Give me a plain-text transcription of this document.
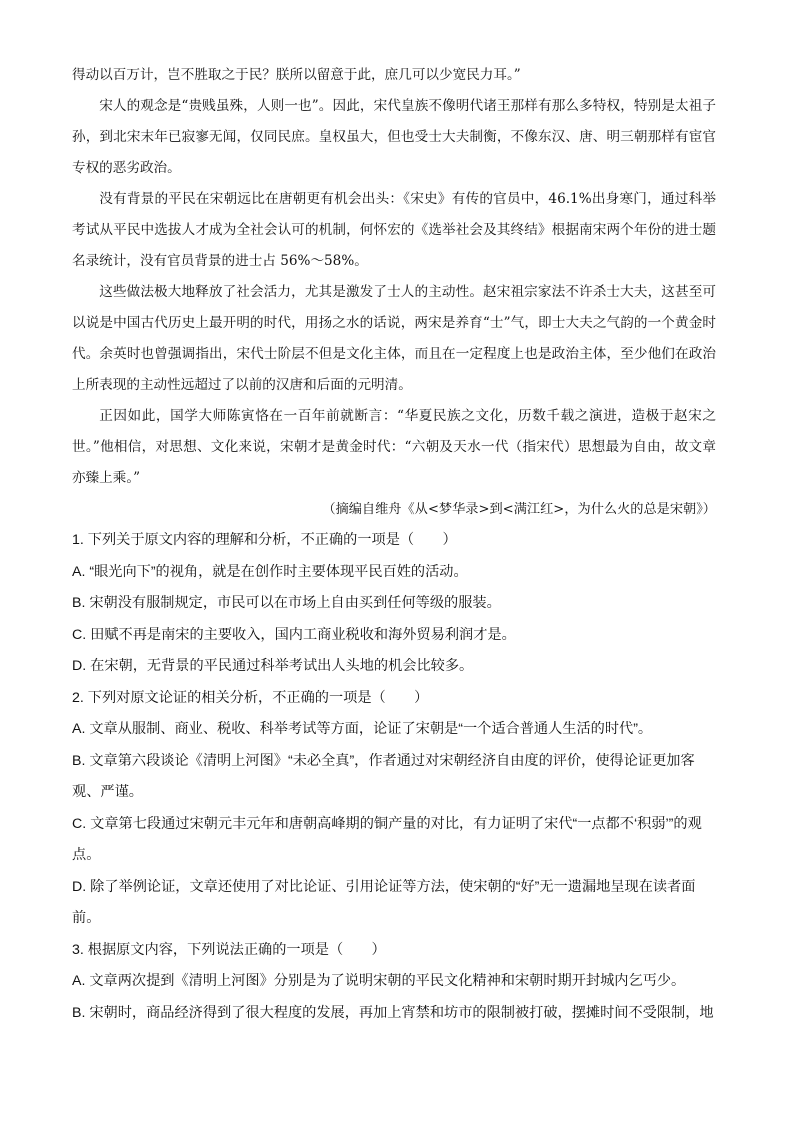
得动以百万计，岂不胜取之于民？朕所以留意于此，庶几可以少宽民力耳。”

宋人的观念是“贵贱虽殊，人则一也”。因此，宋代皇族不像明代诸王那样有那么多特权，特别是太祖子孙，到北宋末年已寂寥无闻，仅同民庶。皇权虽大，但也受士大夫制衡，不像东汉、唐、明三朝那样有宦官专权的恶劣政治。

没有背景的平民在宋朝远比在唐朝更有机会出头：《宋史》有传的官员中，46.1%出身寒门，通过科举考试从平民中选拔人才成为全社会认可的机制，何怀宏的《选举社会及其终结》根据南宋两个年份的进士题名录统计，没有官员背景的进士占 56%～58%。

这些做法极大地释放了社会活力，尤其是激发了士人的主动性。赵宋祖宗家法不许杀士大夫，这甚至可以说是中国古代历史上最开明的时代，用扬之水的话说，两宋是养育“士”气，即士大夫之气韵的一个黄金时代。余英时也曾强调指出，宋代士阶层不但是文化主体，而且在一定程度上也是政治主体，至少他们在政治上所表现的主动性远超过了以前的汉唐和后面的元明清。

正因如此，国学大师陈寅恪在一百年前就断言：“华夏民族之文化，历数千载之演进，造极于赵宋之世。”他相信，对思想、文化来说，宋朝才是黄金时代：“六朝及天水一代（指宋代）思想最为自由，故文章亦臻上乘。”

（摘编自维舟《从<梦华录>到<满江红>，为什么火的总是宋朝》）

1. 下列关于原文内容的理解和分析，不正确的一项是（　　）

A. “眼光向下”的视角，就是在创作时主要体现平民百姓的活动。

B. 宋朝没有服制规定，市民可以在市场上自由买到任何等级的服装。

C. 田赋不再是南宋的主要收入，国内工商业税收和海外贸易利润才是。

D. 在宋朝，无背景的平民通过科举考试出人头地的机会比较多。

2. 下列对原文论证的相关分析，不正确的一项是（　　）

A. 文章从服制、商业、税收、科举考试等方面，论证了宋朝是“一个适合普通人生活的时代”。

B. 文章第六段谈论《清明上河图》“未必全真”，作者通过对宋朝经济自由度的评价，使得论证更加客观、严谨。

C. 文章第七段通过宋朝元丰元年和唐朝高峰期的铜产量的对比，有力证明了宋代“一点都不‘积弱’”的观点。

D. 除了举例论证，文章还使用了对比论证、引用论证等方法，使宋朝的“好”无一遗漏地呈现在读者面前。

3. 根据原文内容，下列说法正确的一项是（　　）

A. 文章两次提到《清明上河图》分别是为了说明宋朝的平民文化精神和宋朝时期开封城内乞丐少。

B. 宋朝时，商品经济得到了很大程度的发展，再加上宵禁和坊市的限制被打破，摆摊时间不受限制，地
